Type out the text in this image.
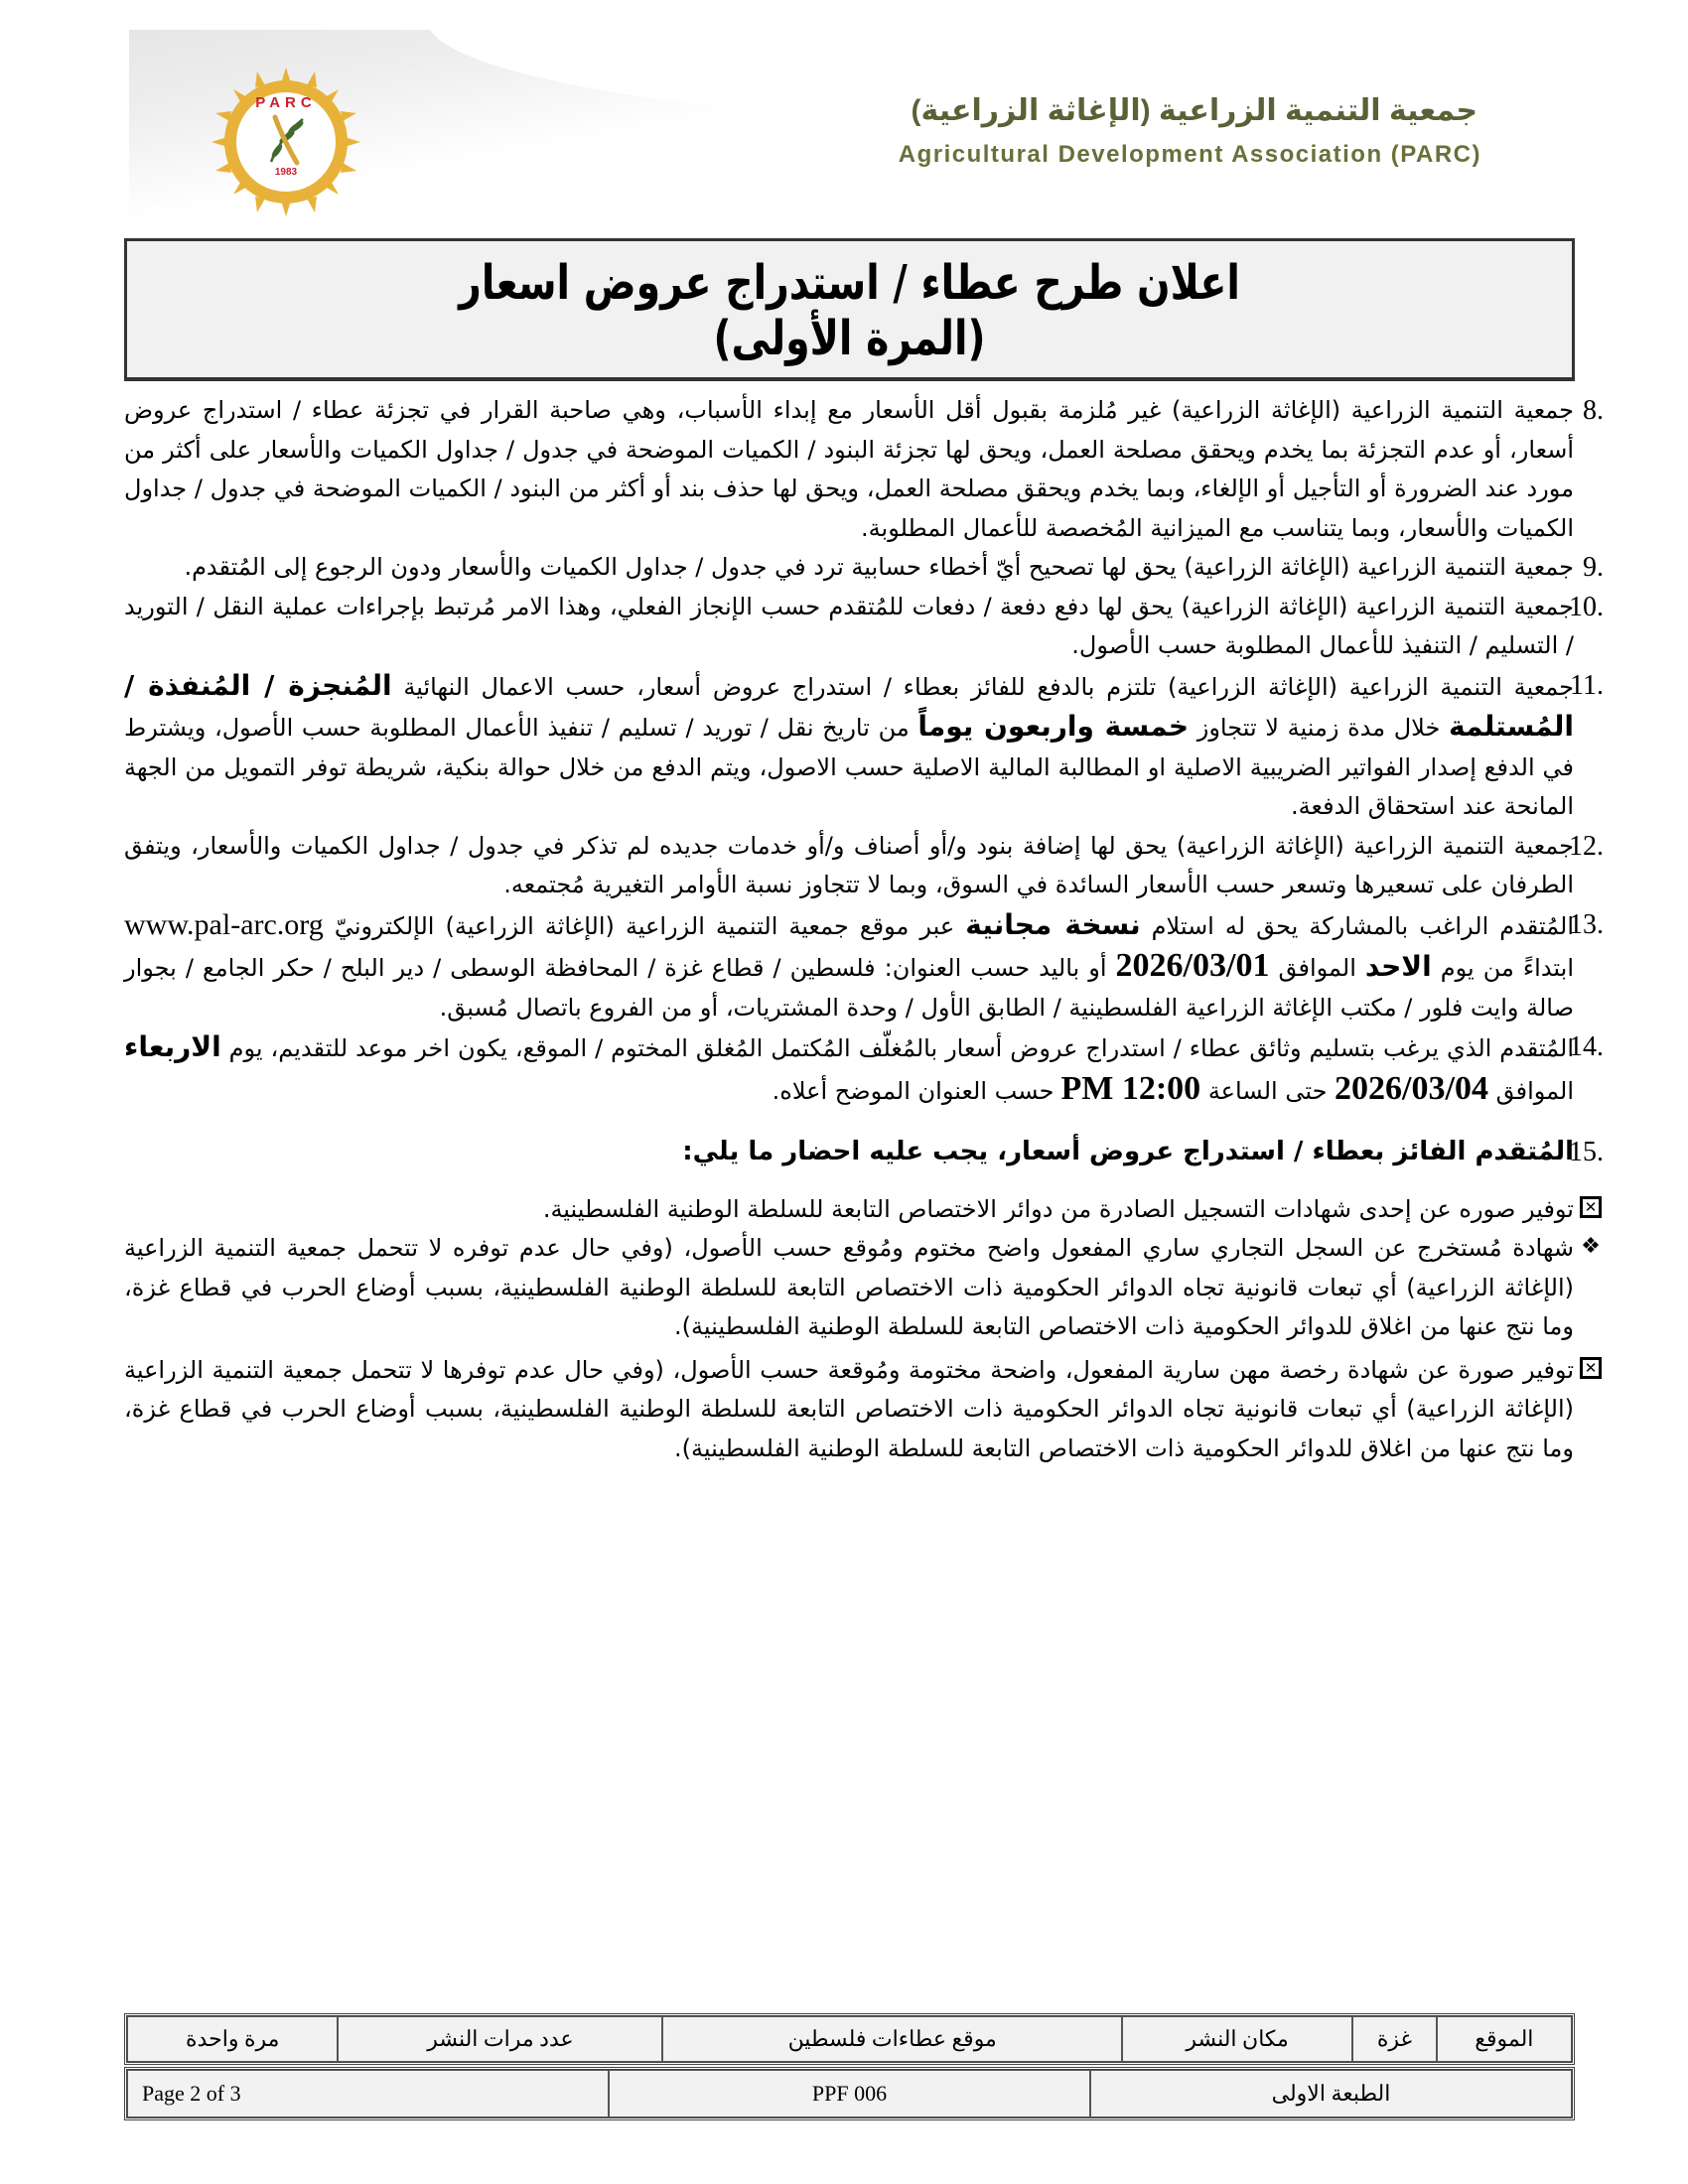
PARC
1983
جمعية التنمية الزراعية (الإغاثة الزراعية)
Agricultural Development Association (PARC)
اعلان طرح عطاء / استدراج عروض اسعار
(المرة الأولى)
8.

جمعية التنمية الزراعية (الإغاثة الزراعية) غير مُلزمة بقبول أقل الأسعار مع إبداء الأسباب، وهي صاحبة القرار في تجزئة عطاء / استدراج عروض أسعار، أو عدم التجزئة بما يخدم ويحقق مصلحة العمل، ويحق لها تجزئة البنود / الكميات الموضحة في جدول / جداول الكميات والأسعار على أكثر من مورد عند الضرورة أو التأجيل أو الإلغاء، وبما يخدم ويحقق مصلحة العمل، ويحق لها حذف بند أو أكثر من البنود / الكميات الموضحة في جدول / جداول الكميات والأسعار، وبما يتناسب مع الميزانية المُخصصة للأعمال المطلوبة.

9.

جمعية التنمية الزراعية (الإغاثة الزراعية) يحق لها تصحيح أيّ أخطاء حسابية ترد في جدول / جداول الكميات والأسعار ودون الرجوع إلى المُتقدم.

10.

جمعية التنمية الزراعية (الإغاثة الزراعية) يحق لها دفع دفعة / دفعات للمُتقدم حسب الإنجاز الفعلي، وهذا الامر مُرتبط بإجراءات عملية النقل / التوريد / التسليم / التنفيذ للأعمال المطلوبة حسب الأصول.

11.

جمعية التنمية الزراعية (الإغاثة الزراعية) تلتزم بالدفع للفائز بعطاء / استدراج عروض أسعار، حسب الاعمال النهائية المُنجزة / المُنفذة / المُستلمة خلال مدة زمنية لا تتجاوز خمسة واربعون يوماً من تاريخ نقل / توريد / تسليم / تنفيذ الأعمال المطلوبة حسب الأصول، ويشترط في الدفع إصدار الفواتير الضريبية الاصلية او المطالبة المالية الاصلية حسب الاصول، ويتم الدفع من خلال حوالة بنكية، شريطة توفر التمويل من الجهة المانحة عند استحقاق الدفعة.

12.

جمعية التنمية الزراعية (الإغاثة الزراعية) يحق لها إضافة بنود و/أو أصناف و/أو خدمات جديده لم تذكر في جدول / جداول الكميات والأسعار، ويتفق الطرفان على تسعيرها وتسعر حسب الأسعار السائدة في السوق، وبما لا تتجاوز نسبة الأوامر التغيرية مُجتمعه.

13.

المُتقدم الراغب بالمشاركة يحق له استلام نسخة مجانية عبر موقع جمعية التنمية الزراعية (الإغاثة الزراعية) الإلكترونيّ www.pal-arc.org ابتداءً من يوم الاحد الموافق 2026/03/01 أو باليد حسب العنوان: فلسطين / قطاع غزة / المحافظة الوسطى / دير البلح / حكر الجامع / بجوار صالة وايت فلور / مكتب الإغاثة الزراعية الفلسطينية / الطابق الأول / وحدة المشتريات، أو من الفروع باتصال مُسبق.

14.

المُتقدم الذي يرغب بتسليم وثائق عطاء / استدراج عروض أسعار بالمُغلّف المُكتمل المُغلق المختوم / الموقع، يكون اخر موعد للتقديم، يوم الاربعاء الموافق 2026/03/04 حتى الساعة 12:00 PM حسب العنوان الموضح أعلاه.

15.

المُتقدم الفائز بعطاء / استدراج عروض أسعار، يجب عليه احضار ما يلي:

✕

توفير صوره عن إحدى شهادات التسجيل الصادرة من دوائر الاختصاص التابعة للسلطة الوطنية الفلسطينية.

❖

شهادة مُستخرج عن السجل التجاري ساري المفعول واضح مختوم ومُوقع حسب الأصول، (وفي حال عدم توفره لا تتحمل جمعية التنمية الزراعية (الإغاثة الزراعية) أي تبعات قانونية تجاه الدوائر الحكومية ذات الاختصاص التابعة للسلطة الوطنية الفلسطينية، بسبب أوضاع الحرب في قطاع غزة، وما نتج عنها من اغلاق للدوائر الحكومية ذات الاختصاص التابعة للسلطة الوطنية الفلسطينية).

✕

توفير صورة عن شهادة رخصة مهن سارية المفعول، واضحة مختومة ومُوقعة حسب الأصول، (وفي حال عدم توفرها لا تتحمل جمعية التنمية الزراعية (الإغاثة الزراعية) أي تبعات قانونية تجاه الدوائر الحكومية ذات الاختصاص التابعة للسلطة الوطنية الفلسطينية، بسبب أوضاع الحرب في قطاع غزة، وما نتج عنها من اغلاق للدوائر الحكومية ذات الاختصاص التابعة للسلطة الوطنية الفلسطينية).

الموقع	غزة	مكان النشر	موقع عطاءات فلسطين	عدد مرات النشر	مرة واحدة
الطبعة الاولى	PPF 006	Page 2 of 3
